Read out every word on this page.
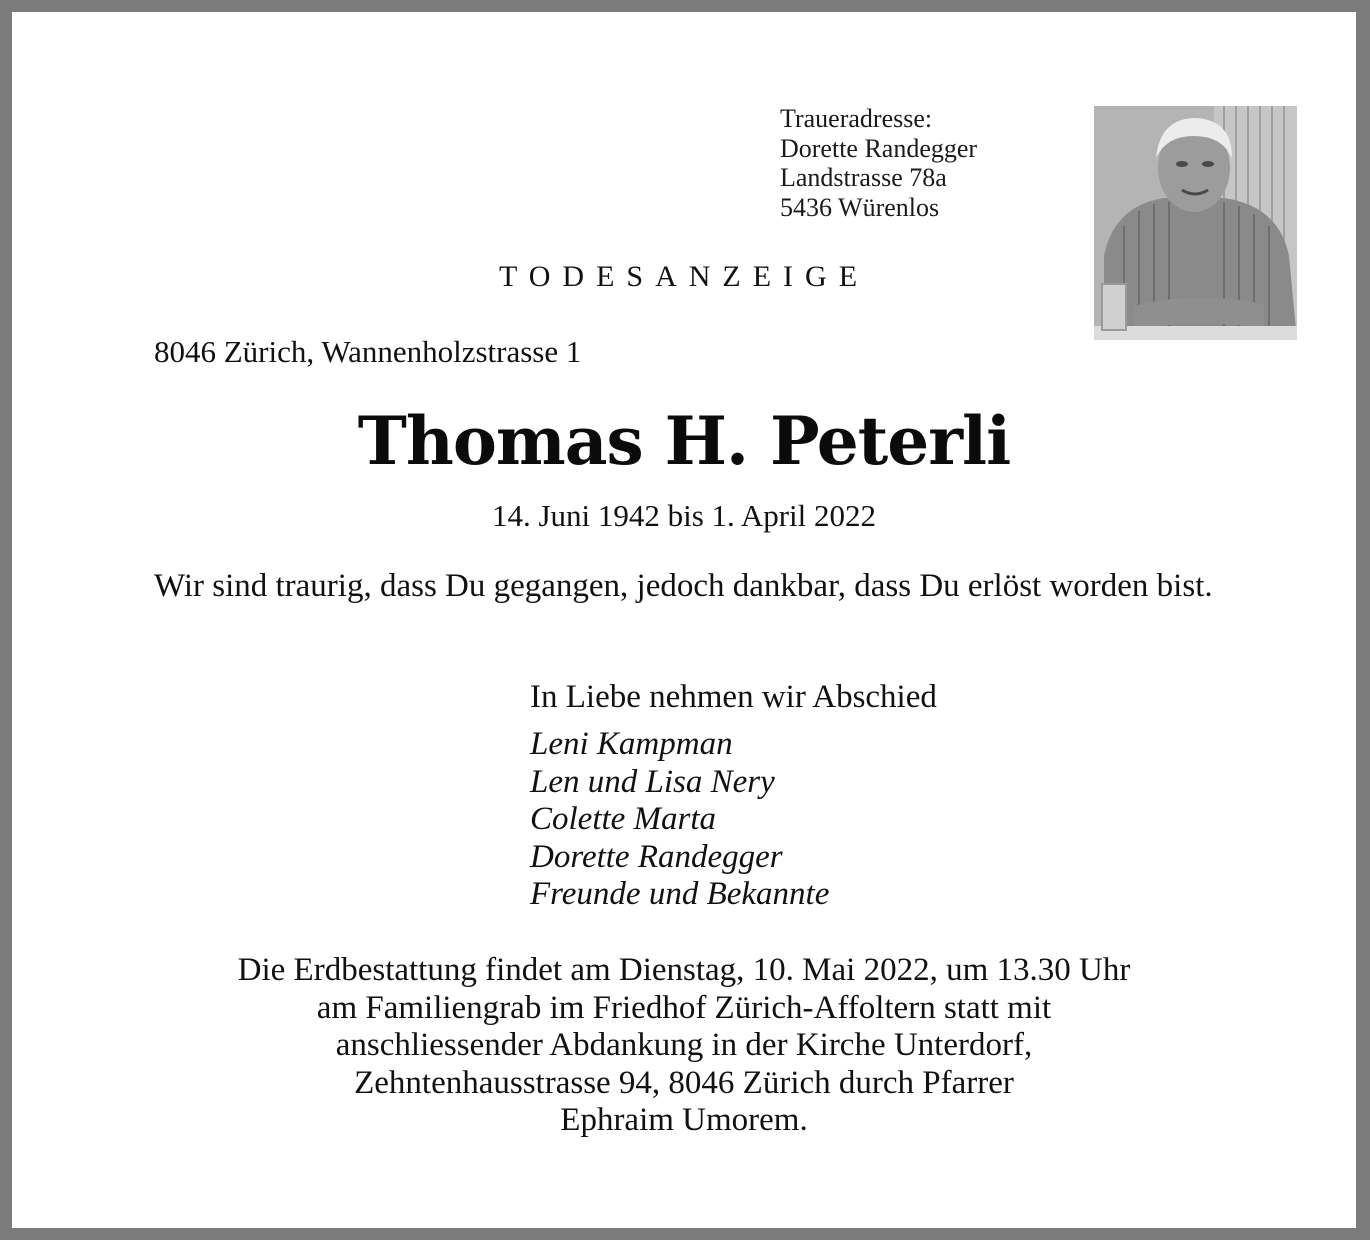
Traueradresse:
Dorette Randegger
Landstrasse 78a
5436 Würenlos
TODESANZEIGE
8046 Zürich, Wannenholzstrasse 1
Thomas H. Peterli
14. Juni 1942 bis 1. April 2022
Wir sind traurig, dass Du gegangen, jedoch dankbar, dass Du erlöst worden bist.
In Liebe nehmen wir Abschied
Leni Kampman
Len und Lisa Nery
Colette Marta
Dorette Randegger
Freunde und Bekannte
Die Erdbestattung findet am Dienstag, 10. Mai 2022, um 13.30 Uhr
am Familiengrab im Friedhof Zürich-Affoltern statt mit
anschliessender Abdankung in der Kirche Unterdorf,
Zehntenhausstrasse 94, 8046 Zürich durch Pfarrer
Ephraim Umorem.
